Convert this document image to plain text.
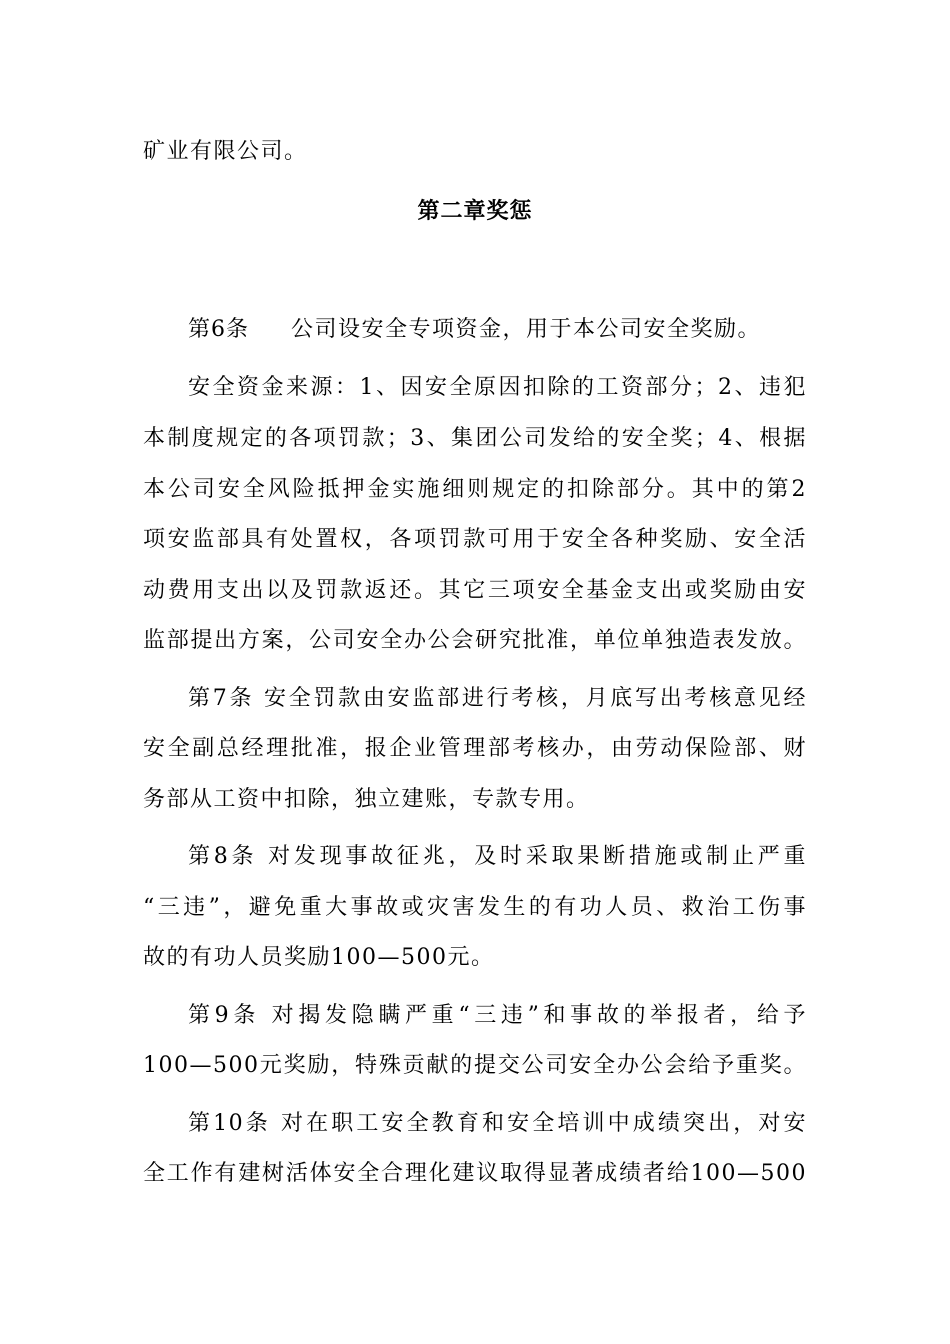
矿业有限公司。
第二章奖惩
第6条 公司设安全专项资金，用于本公司安全奖励。
安全资金来源：1、因安全原因扣除的工资部分；2、违犯
本制度规定的各项罚款；3、集团公司发给的安全奖；4、根据
本公司安全风险抵押金实施细则规定的扣除部分。其中的第2
项安监部具有处置权，各项罚款可用于安全各种奖励、安全活
动费用支出以及罚款返还。其它三项安全基金支出或奖励由安
监部提出方案，公司安全办公会研究批准，单位单独造表发放。
第7条 安全罚款由安监部进行考核，月底写出考核意见经
安全副总经理批准，报企业管理部考核办，由劳动保险部、财
务部从工资中扣除，独立建账，专款专用。
第8条 对发现事故征兆，及时采取果断措施或制止严重
“三违”，避免重大事故或灾害发生的有功人员、救治工伤事
故的有功人员奖励100—500元。
第9条 对揭发隐瞒严重“三违”和事故的举报者，给予
100—500元奖励，特殊贡献的提交公司安全办公会给予重奖。
第10条 对在职工安全教育和安全培训中成绩突出，对安
全工作有建树活体安全合理化建议取得显著成绩者给100—500
